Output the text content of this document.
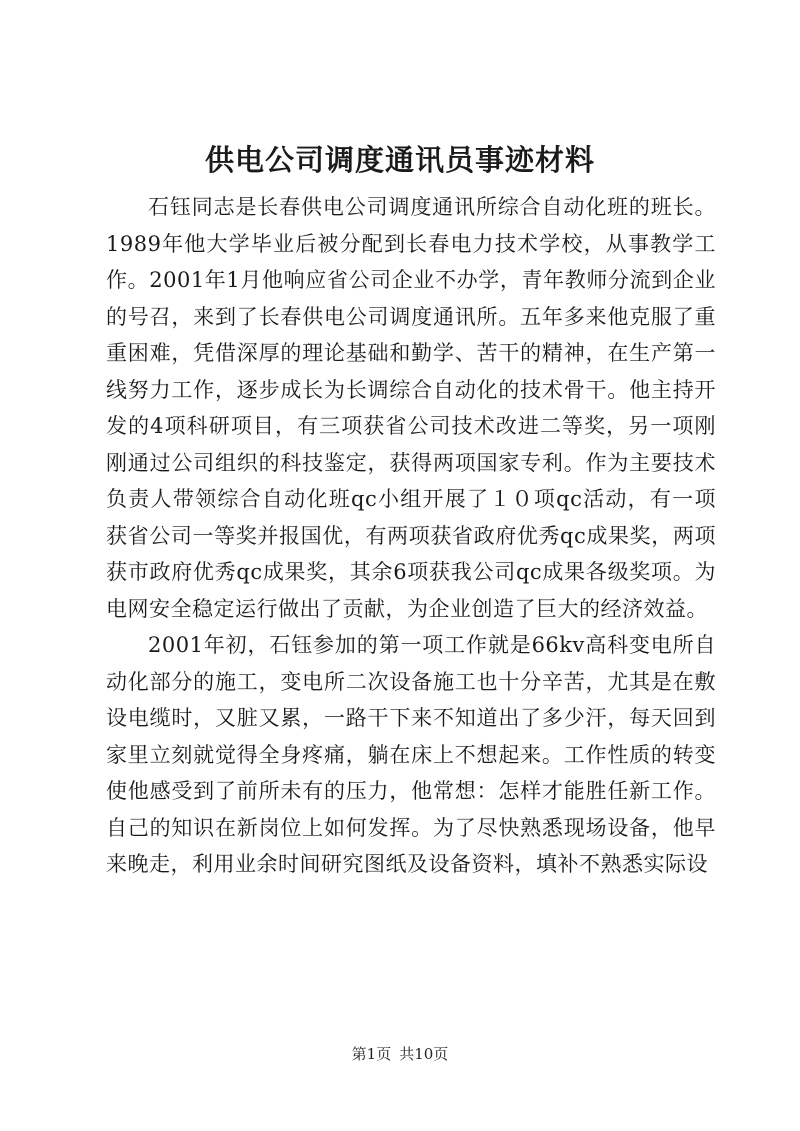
供电公司调度通讯员事迹材料

石钰同志是长春供电公司调度通讯所综合自动化班的班长。1989年他大学毕业后被分配到长春电力技术学校，从事教学工作。2001年1月他响应省公司企业不办学，青年教师分流到企业的号召，来到了长春供电公司调度通讯所。五年多来他克服了重重困难，凭借深厚的理论基础和勤学、苦干的精神，在生产第一线努力工作，逐步成长为长调综合自动化的技术骨干。他主持开发的4项科研项目，有三项获省公司技术改进二等奖，另一项刚刚通过公司组织的科技鉴定，获得两项国家专利。作为主要技术负责人带领综合自动化班qc小组开展了１０项qc活动，有一项获省公司一等奖并报国优，有两项获省政府优秀qc成果奖，两项获市政府优秀qc成果奖，其余6项获我公司qc成果各级奖项。为电网安全稳定运行做出了贡献，为企业创造了巨大的经济效益。

2001年初，石钰参加的第一项工作就是66kv高科变电所自动化部分的施工，变电所二次设备施工也十分辛苦，尤其是在敷设电缆时，又脏又累，一路干下来不知道出了多少汗，每天回到家里立刻就觉得全身疼痛，躺在床上不想起来。工作性质的转变使他感受到了前所未有的压力，他常想：怎样才能胜任新工作。自己的知识在新岗位上如何发挥。为了尽快熟悉现场设备，他早来晚走，利用业余时间研究图纸及设备资料，填补不熟悉实际设

第1页 共10页
